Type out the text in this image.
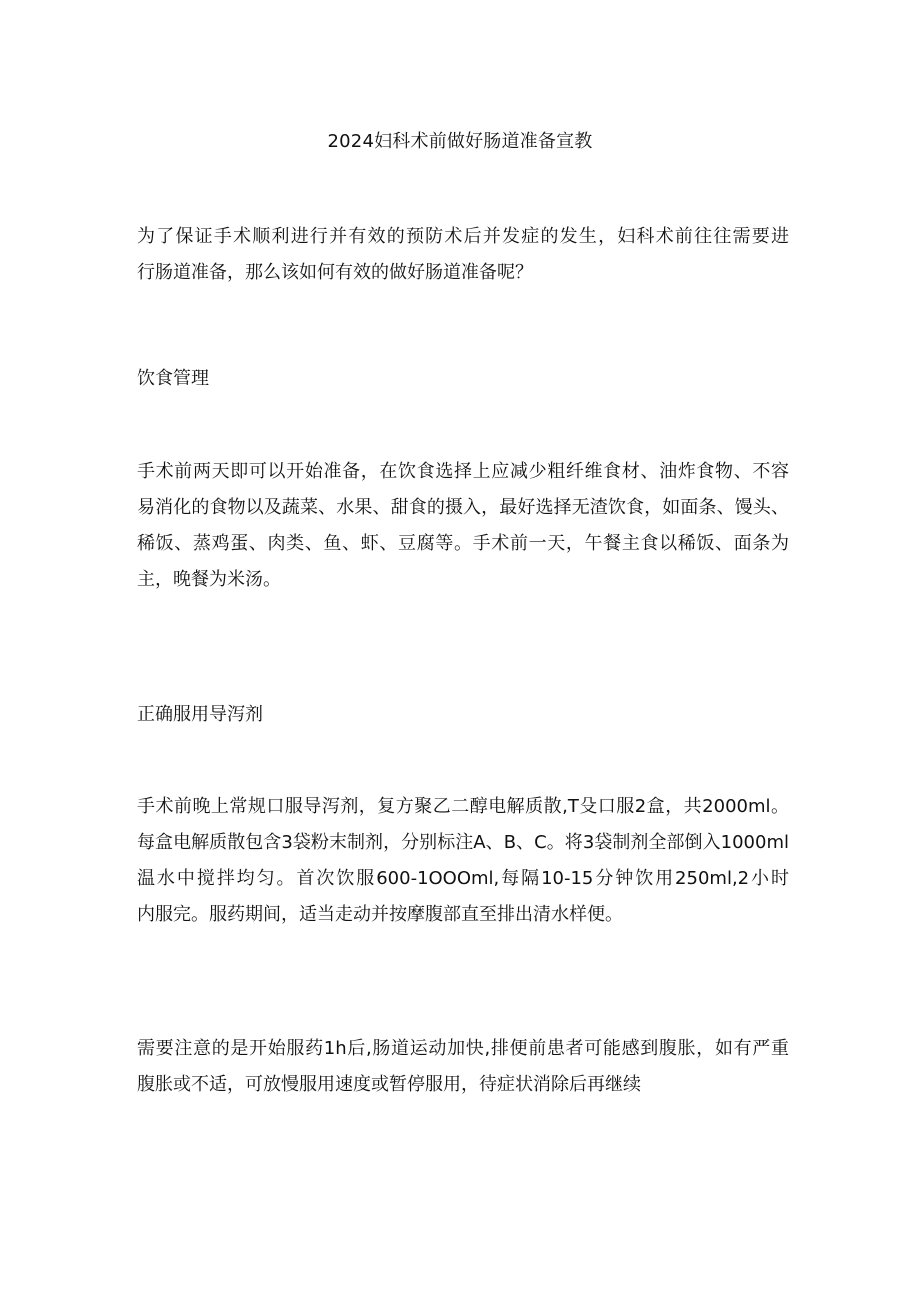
2024妇科术前做好肠道准备宣教
为了保证手术顺利进行并有效的预防术后并发症的发生，妇科术前往往需要进
行肠道准备，那么该如何有效的做好肠道准备呢？
饮食管理
手术前两天即可以开始准备，在饮食选择上应减少粗纤维食材、油炸食物、不容
易消化的食物以及蔬菜、水果、甜食的摄入，最好选择无渣饮食，如面条、馒头、
稀饭、蒸鸡蛋、肉类、鱼、虾、豆腐等。手术前一天，午餐主食以稀饭、面条为
主，晚餐为米汤。
正确服用导泻剂
手术前晚上常规口服导泻剂，复方聚乙二醇电解质散,T殳口服2盒，共2000ml。
每盒电解质散包含3袋粉末制剂，分别标注A、B、C。将3袋制剂全部倒入1000ml
温水中搅拌均匀。首次饮服600-1OOOml,每隔10-15分钟饮用250ml,2小时
内服完。服药期间，适当走动并按摩腹部直至排出清水样便。
需要注意的是开始服药1h后,肠道运动加快,排便前患者可能感到腹胀，如有严重
腹胀或不适，可放慢服用速度或暂停服用，待症状消除后再继续
